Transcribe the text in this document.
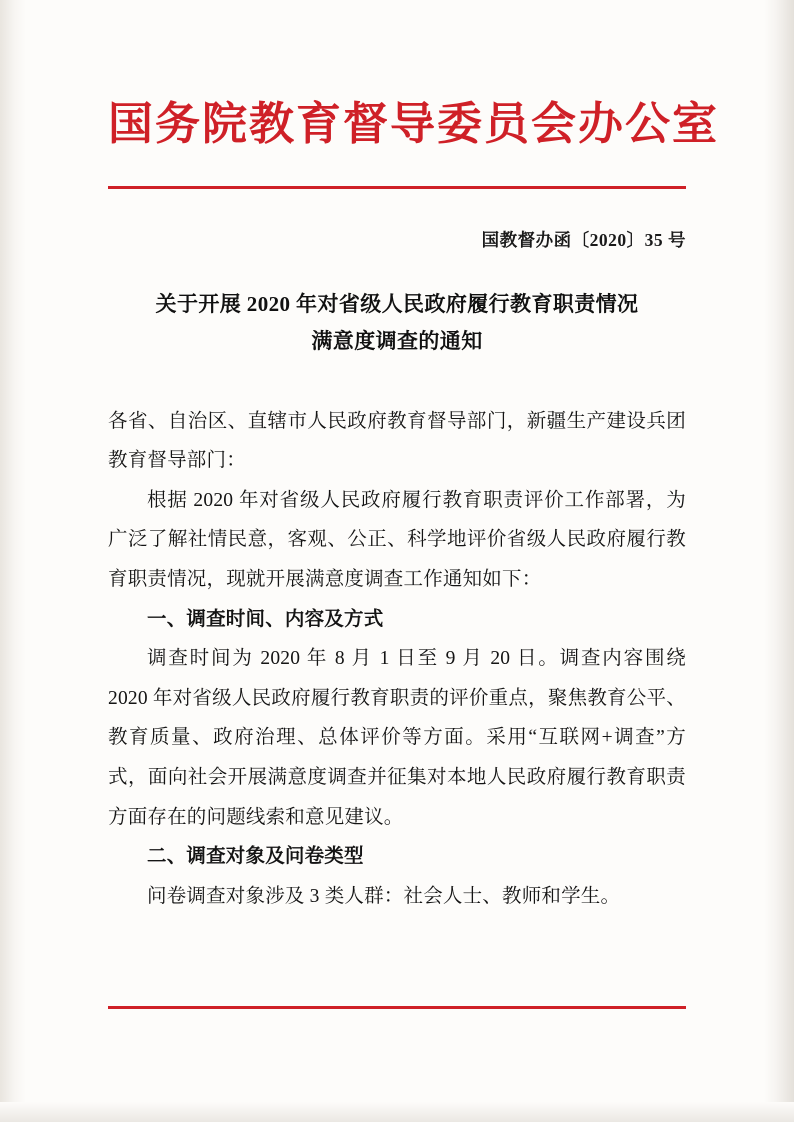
国务院教育督导委员会办公室
国教督办函〔2020〕35 号
关于开展 2020 年对省级人民政府履行教育职责情况
满意度调查的通知

各省、自治区、直辖市人民政府教育督导部门，新疆生产建设兵团教育督导部门：

根据 2020 年对省级人民政府履行教育职责评价工作部署，为广泛了解社情民意，客观、公正、科学地评价省级人民政府履行教育职责情况，现就开展满意度调查工作通知如下：

一、调查时间、内容及方式

调查时间为 2020 年 8 月 1 日至 9 月 20 日。调查内容围绕 2020 年对省级人民政府履行教育职责的评价重点，聚焦教育公平、教育质量、政府治理、总体评价等方面。采用“互联网+调查”方式，面向社会开展满意度调查并征集对本地人民政府履行教育职责方面存在的问题线索和意见建议。

二、调查对象及问卷类型

问卷调查对象涉及 3 类人群：社会人士、教师和学生。
